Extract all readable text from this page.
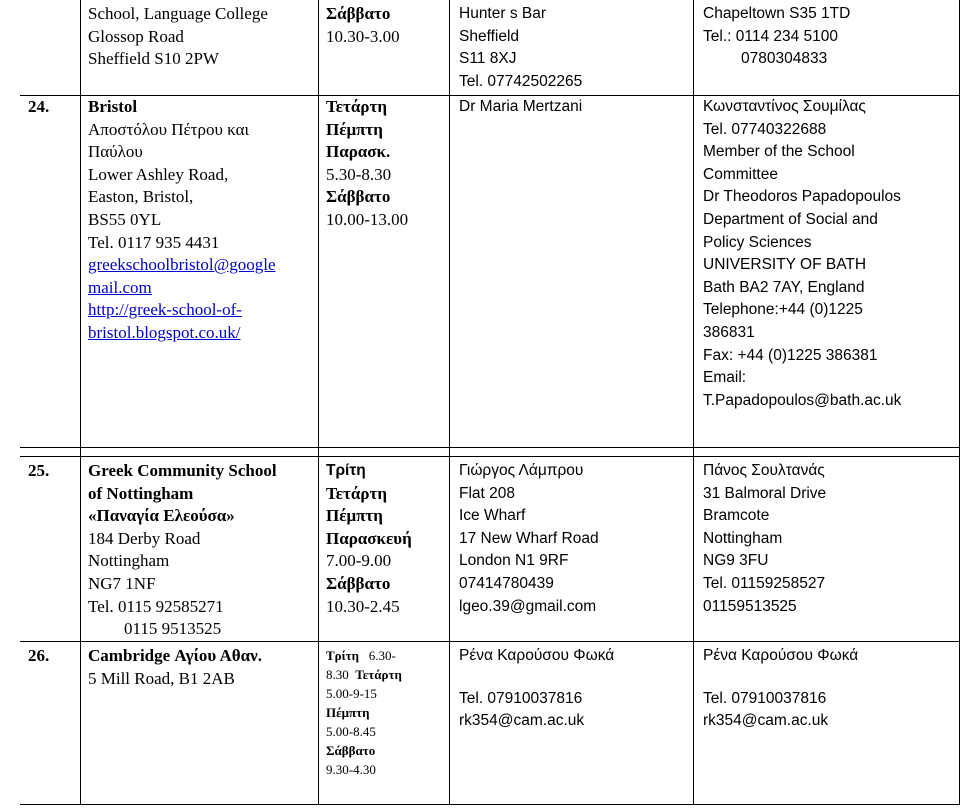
School, Language College
Glossop Road
Sheffield S10 2PW
Σάββατο
10.30-3.00
Hunter s Bar
Sheffield
S11 8XJ
Tel. 07742502265
Chapeltown S35 1TD
Tel.: 0114 234 5100
0780304833
24. Bristol
Αποστόλου Πέτρου και
Παύλου
Lower Ashley Road,
Easton, Bristol,
BS55 0YL
Tel. 0117 935 4431
greekschoolbristol@google
mail.com
http://greek-school-of-
bristol.blogspot.co.uk/
Τετάρτη
Πέμπτη
Παρασκ.
5.30-8.30
Σάββατο
10.00-13.00
Dr Maria Mertzani	Κωνσταντίνος Σουμίλας
Tel. 07740322688
Member of the School
Committee
Dr Theodoros Papadopoulos
Department of Social and
Policy Sciences
UNIVERSITY OF BATH
Bath BA2 7AY, England
Telephone:+44 (0)1225
386831
Fax: +44 (0)1225 386381
Email:
T.Papadopoulos@bath.ac.uk
25. Greek Community School
of Nottingham
«Παναγία Ελεούσα»
184 Derby Road
Nottingham
NG7 1NF
Tel. 0115 92585271
0115 9513525
Τρίτη
Τετάρτη
Πέμπτη
Παρασκευή
7.00-9.00
Σάββατο
10.30-2.45
Γιώργος Λάμπρου
Flat 208
Ice Wharf
17 New Wharf Road
London N1 9RF
07414780439
lgeo.39@gmail.com
Πάνος Σουλτανάς
31 Balmoral Drive
Bramcote
Nottingham
NG9 3FU
Tel. 01159258527
01159513525
26. Cambridge Αγίου Αθαν.
5 Mill Road, B1 2AB
Τρίτη 6.30-
8.30 Τετάρτη
5.00-9-15
Πέμπτη
5.00-8.45
Σάββατο
9.30-4.30
Ρένα Καρούσου Φωκά
Tel. 07910037816
rk354@cam.ac.uk
Ρένα Καρούσου Φωκά
Tel. 07910037816
rk354@cam.ac.uk
